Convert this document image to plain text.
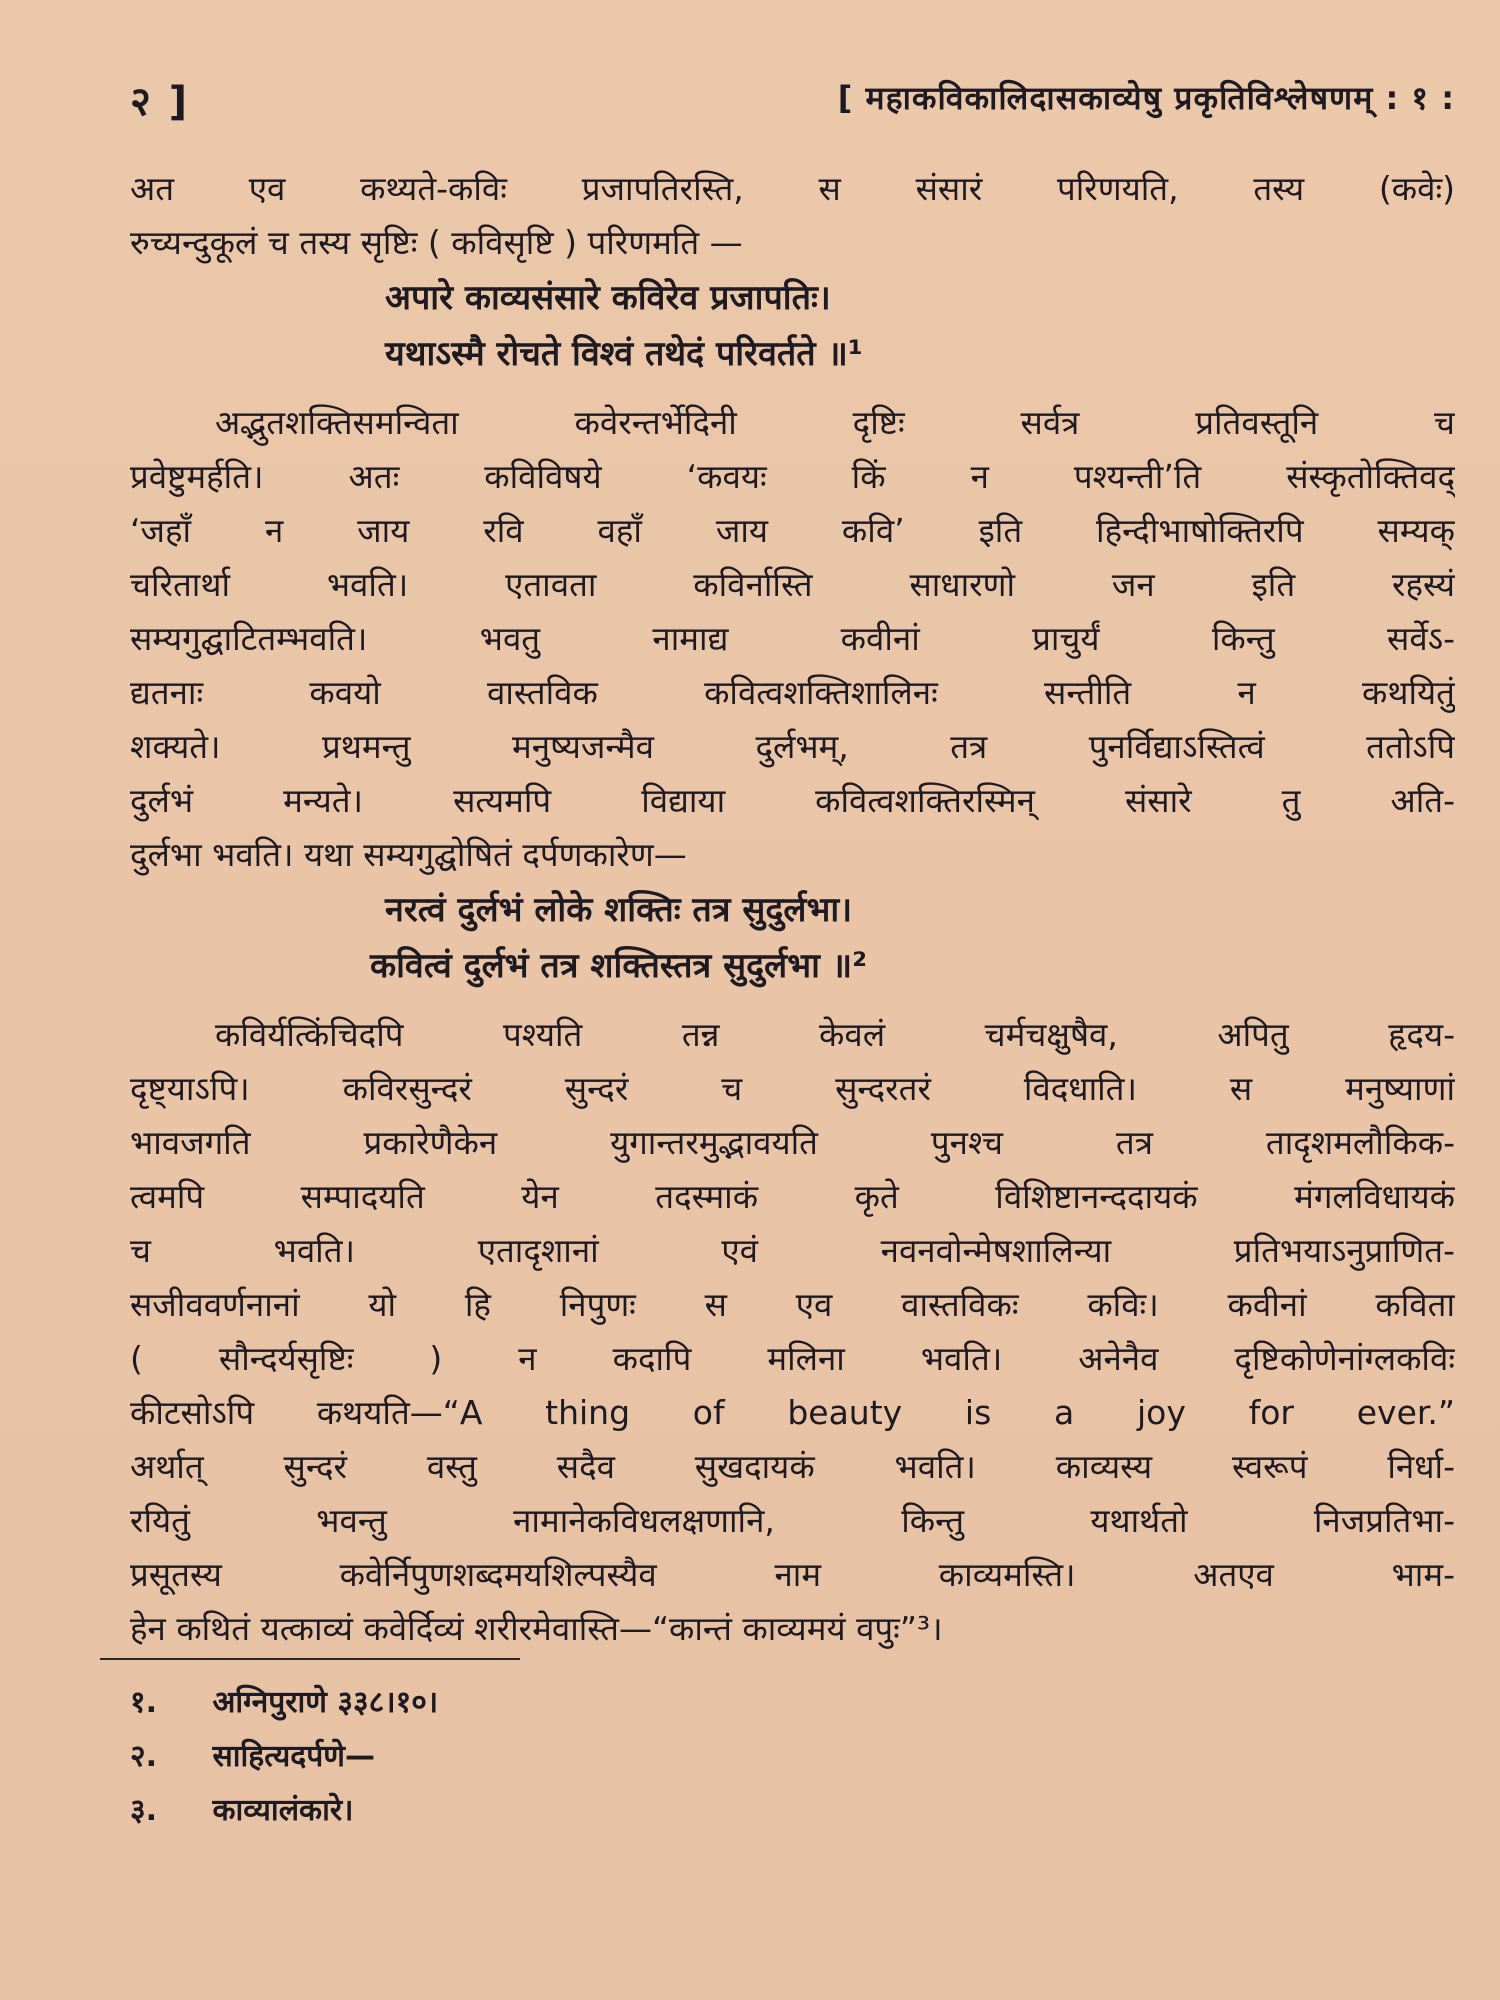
२ ]	[ महाकविकालिदासकाव्येषु प्रकृतिविश्लेषणम् : १ :
अत एव कथ्यते-कविः प्रजापतिरस्ति, स संसारं परिणयति, तस्य (कवेः)
रुच्यन्दुकूलं च तस्य सृष्टिः ( कविसृष्टि ) परिणमति —
अपारे काव्यसंसारे कविरेव प्रजापतिः।
यथाऽस्मै रोचते विश्वं तथेदं परिवर्तते ॥¹
अद्भुतशक्तिसमन्विता कवेरन्तर्भेदिनी दृष्टिः सर्वत्र प्रतिवस्तूनि च
प्रवेष्टुमर्हति। अतः कविविषये ‘कवयः किं न पश्यन्ती’ति संस्कृतोक्तिवद्
‘जहाँ न जाय रवि वहाँ जाय कवि’ इति हिन्दीभाषोक्तिरपि सम्यक्
चरितार्था भवति। एतावता कविर्नास्ति साधारणो जन इति रहस्यं
सम्यगुद्घाटितम्भवति। भवतु नामाद्य कवीनां प्राचुर्यं किन्तु सर्वेऽ-
द्यतनाः कवयो वास्तविक कवित्वशक्तिशालिनः सन्तीति न कथयितुं
शक्यते। प्रथमन्तु मनुष्यजन्मैव दुर्लभम्, तत्र पुनर्विद्याऽस्तित्वं ततोऽपि
दुर्लभं मन्यते। सत्यमपि विद्याया कवित्वशक्तिरस्मिन् संसारे तु अति-
दुर्लभा भवति। यथा सम्यगुद्घोषितं दर्पणकारेण—
नरत्वं दुर्लभं लोके शक्तिः तत्र सुदुर्लभा।
कवित्वं दुर्लभं तत्र शक्तिस्तत्र सुदुर्लभा ॥²
कविर्यत्किंचिदपि पश्यति तन्न केवलं चर्मचक्षुषैव, अपितु हृदय-
दृष्ट्याऽपि। कविरसुन्दरं सुन्दरं च सुन्दरतरं विदधाति। स मनुष्याणां
भावजगति प्रकारेणैकेन युगान्तरमुद्भावयति पुनश्च तत्र तादृशमलौकिक-
त्वमपि सम्पादयति येन तदस्माकं कृते विशिष्टानन्ददायकं मंगलविधायकं
च भवति। एतादृशानां एवं नवनवोन्मेषशालिन्या प्रतिभयाऽनुप्राणित-
सजीववर्णनानां यो हि निपुणः स एव वास्तविकः कविः। कवीनां कविता
( सौन्दर्यसृष्टिः ) न कदापि मलिना भवति। अनेनैव दृष्टिकोणेनांग्लकविः
कीटसोऽपि कथयति—“A thing of beauty is a joy for ever.”
अर्थात् सुन्दरं वस्तु सदैव सुखदायकं भवति। काव्यस्य स्वरूपं निर्धा-
रयितुं भवन्तु नामानेकविधलक्षणानि, किन्तु यथार्थतो निजप्रतिभा-
प्रसूतस्य कवेर्निपुणशब्दमयशिल्पस्यैव नाम काव्यमस्ति। अतएव भाम-
हेन कथितं यत्काव्यं कवेर्दिव्यं शरीरमेवास्ति—“कान्तं काव्यमयं वपुः”³।
१. अग्निपुराणे ३३८।१०।
२. साहित्यदर्पणे—
३. काव्यालंकारे।
